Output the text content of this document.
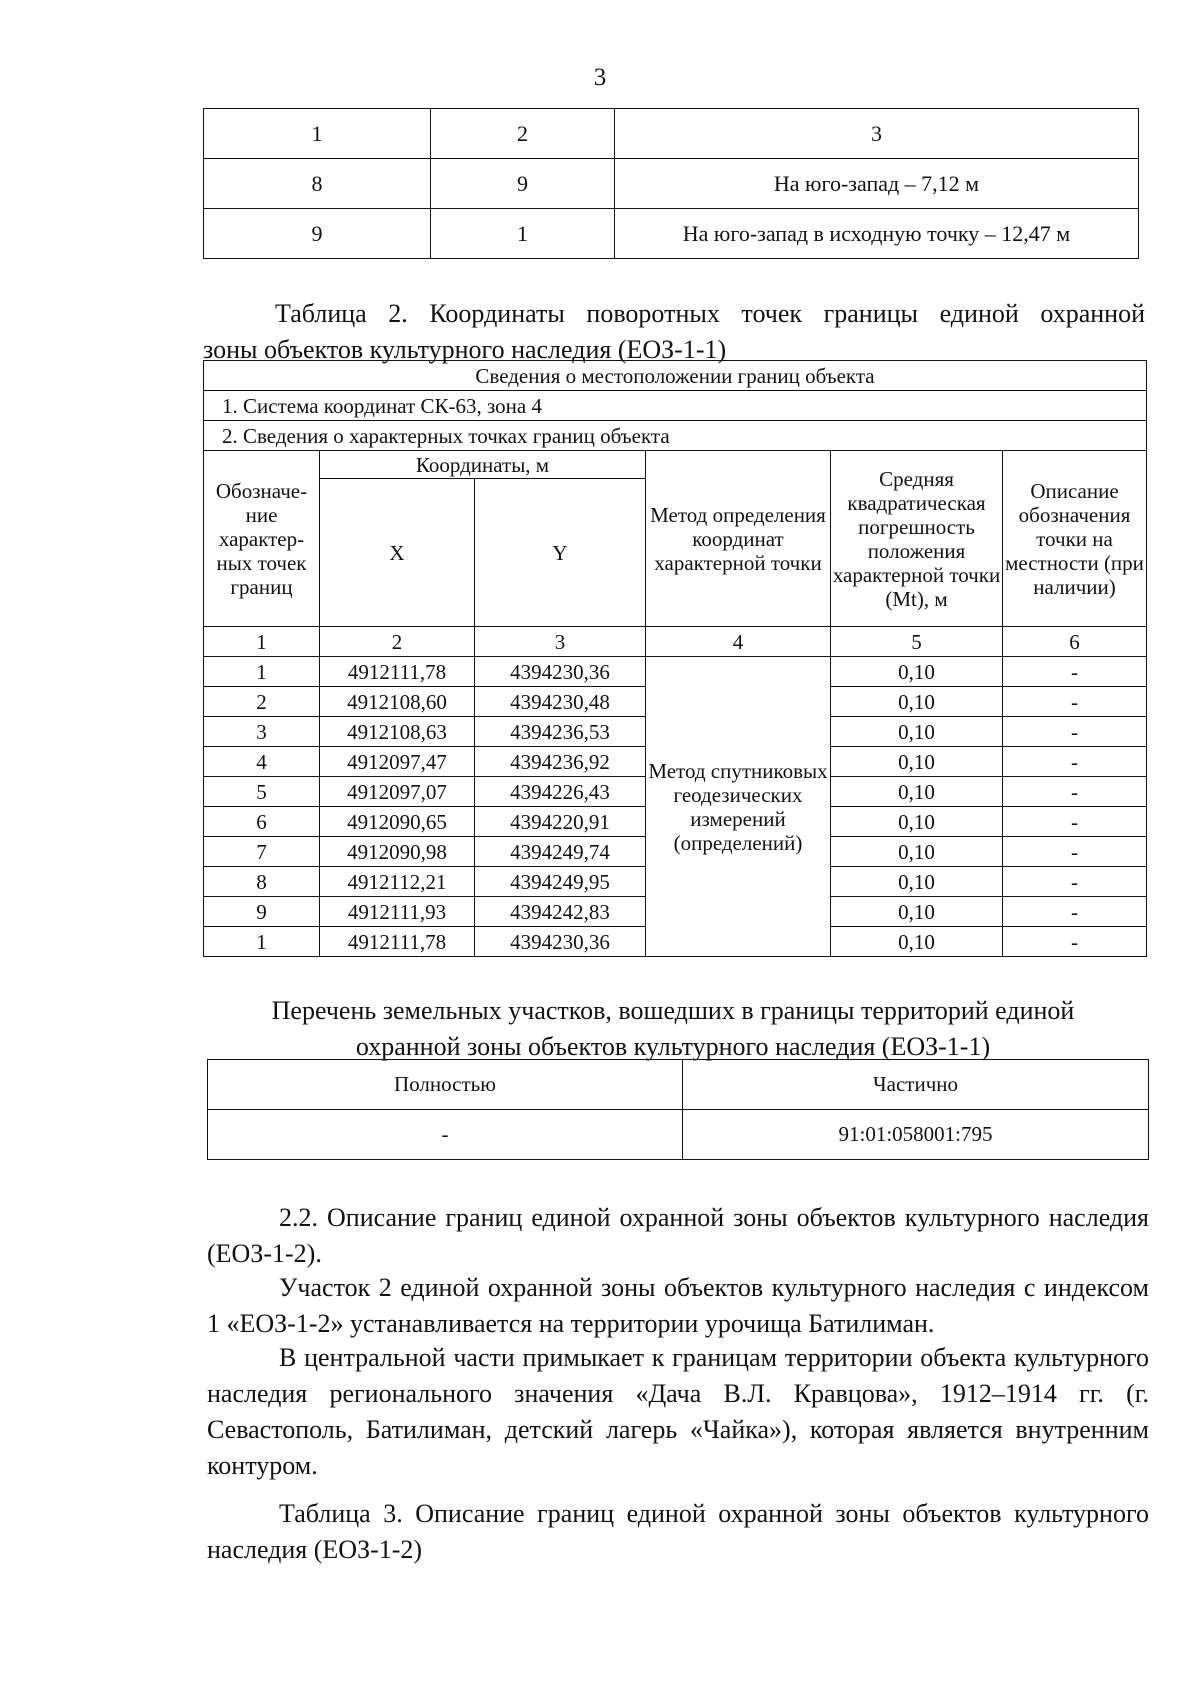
3
1	2	3
8	9	На юго-запад – 7,12 м
9	1	На юго-запад в исходную точку – 12,47 м
Таблица 2. Координаты поворотных точек границы единой охранной
зоны объектов культурного наследия (ЕОЗ-1-1)
Сведения о местоположении границ объекта					
1. Система координат СК-63, зона 4					
2. Сведения о характерных точках границ объекта					
Обозначе-ние характер-ных точек границ	Координаты, м		Метод определения координат характерной точки	Средняя квадратическая погрешность положения характерной точки (Mt), м	Описание обозначения точки на местности (при наличии)
	X	Y			
1	2	3	4	5	6
1	4912111,78	4394230,36	Метод спутниковых геодезических измерений (определений)	0,10	-
2	4912108,60	4394230,48		0,10	-
3	4912108,63	4394236,53		0,10	-
4	4912097,47	4394236,92		0,10	-
5	4912097,07	4394226,43		0,10	-
6	4912090,65	4394220,91		0,10	-
7	4912090,98	4394249,74		0,10	-
8	4912112,21	4394249,95		0,10	-
9	4912111,93	4394242,83		0,10	-
1	4912111,78	4394230,36		0,10	-
Перечень земельных участков, вошедших в границы территорий единой
охранной зоны объектов культурного наследия (ЕОЗ-1-1)
Полностью	Частично
-	91:01:058001:795
2.2. Описание границ единой охранной зоны объектов культурного наследия (ЕОЗ-1-2).
Участок 2 единой охранной зоны объектов культурного наследия с индексом 1 «ЕОЗ-1-2» устанавливается на территории урочища Батилиман.
В центральной части примыкает к границам территории объекта культурного наследия регионального значения «Дача В.Л. Кравцова», 1912–1914 гг. (г. Севастополь, Батилиман, детский лагерь «Чайка»), которая является внутренним контуром.
Таблица 3. Описание границ единой охранной зоны объектов культурного наследия (ЕОЗ-1-2)
